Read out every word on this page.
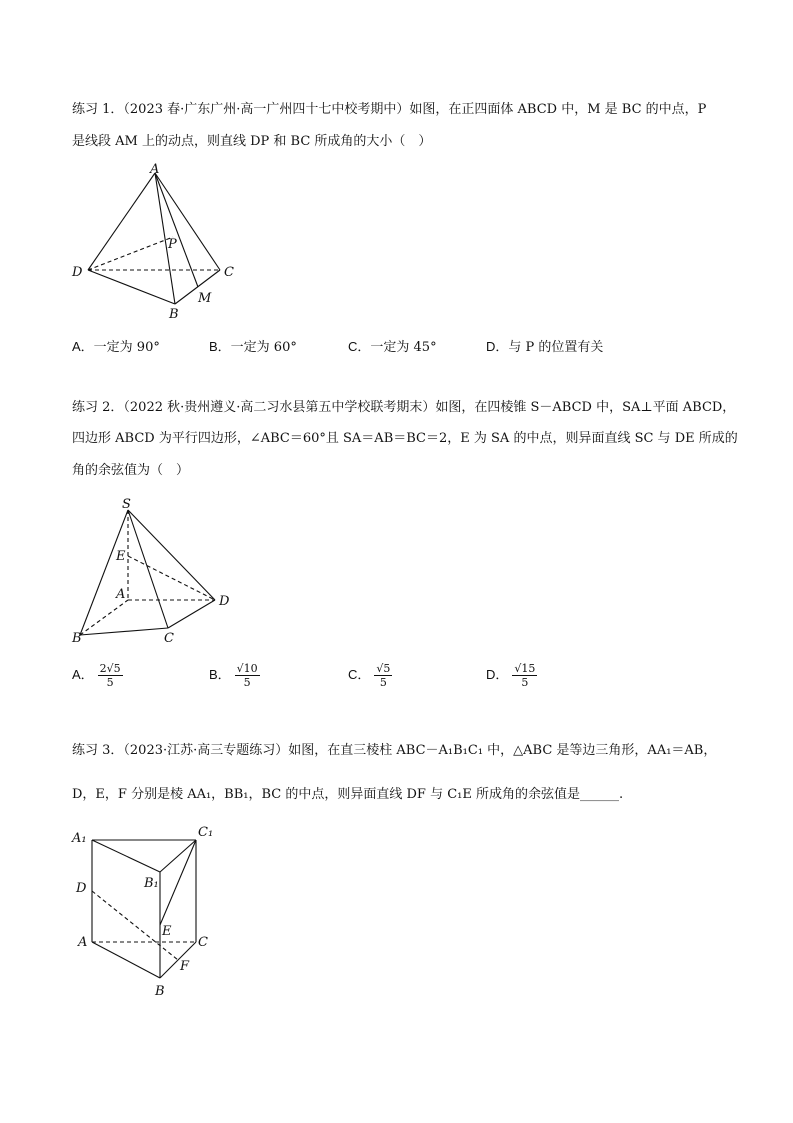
练习 1．（2023 春·广东广州·高一广州四十七中校考期中）如图，在正四面体 ABCD 中，M 是 BC 的中点，P
是线段 AM 上的动点，则直线 DP 和 BC 所成角的大小（　）
A
P
D	C
M
B
A．一定为 90°	B．一定为 60°	C．一定为 45°	D．与 P 的位置有关
练习 2．（2022 秋·贵州遵义·高二习水县第五中学校联考期末）如图，在四棱锥 S－ABCD 中，SA⊥平面 ABCD，
四边形 ABCD 为平行四边形，∠ABC＝60°且 SA＝AB＝BC＝2，E 为 SA 的中点，则异面直线 SC 与 DE 所成的
角的余弦值为（　）
S
E
A	D
B	C
A． $\frac{2√5}{5}$	B． $\frac{√10}{5}$	C． $\frac{√5}{5}$	D． $\frac{√15}{5}$
练习 3．（2023·江苏·高三专题练习）如图，在直三棱柱 ABC－A₁B₁C₁ 中，△ABC 是等边三角形，AA₁＝AB，
D，E，F 分别是棱 AA₁，BB₁，BC 的中点，则异面直线 DF 与 C₁E 所成角的余弦值是______.
A₁	C₁
D	B₁
E
A	C
F
B
